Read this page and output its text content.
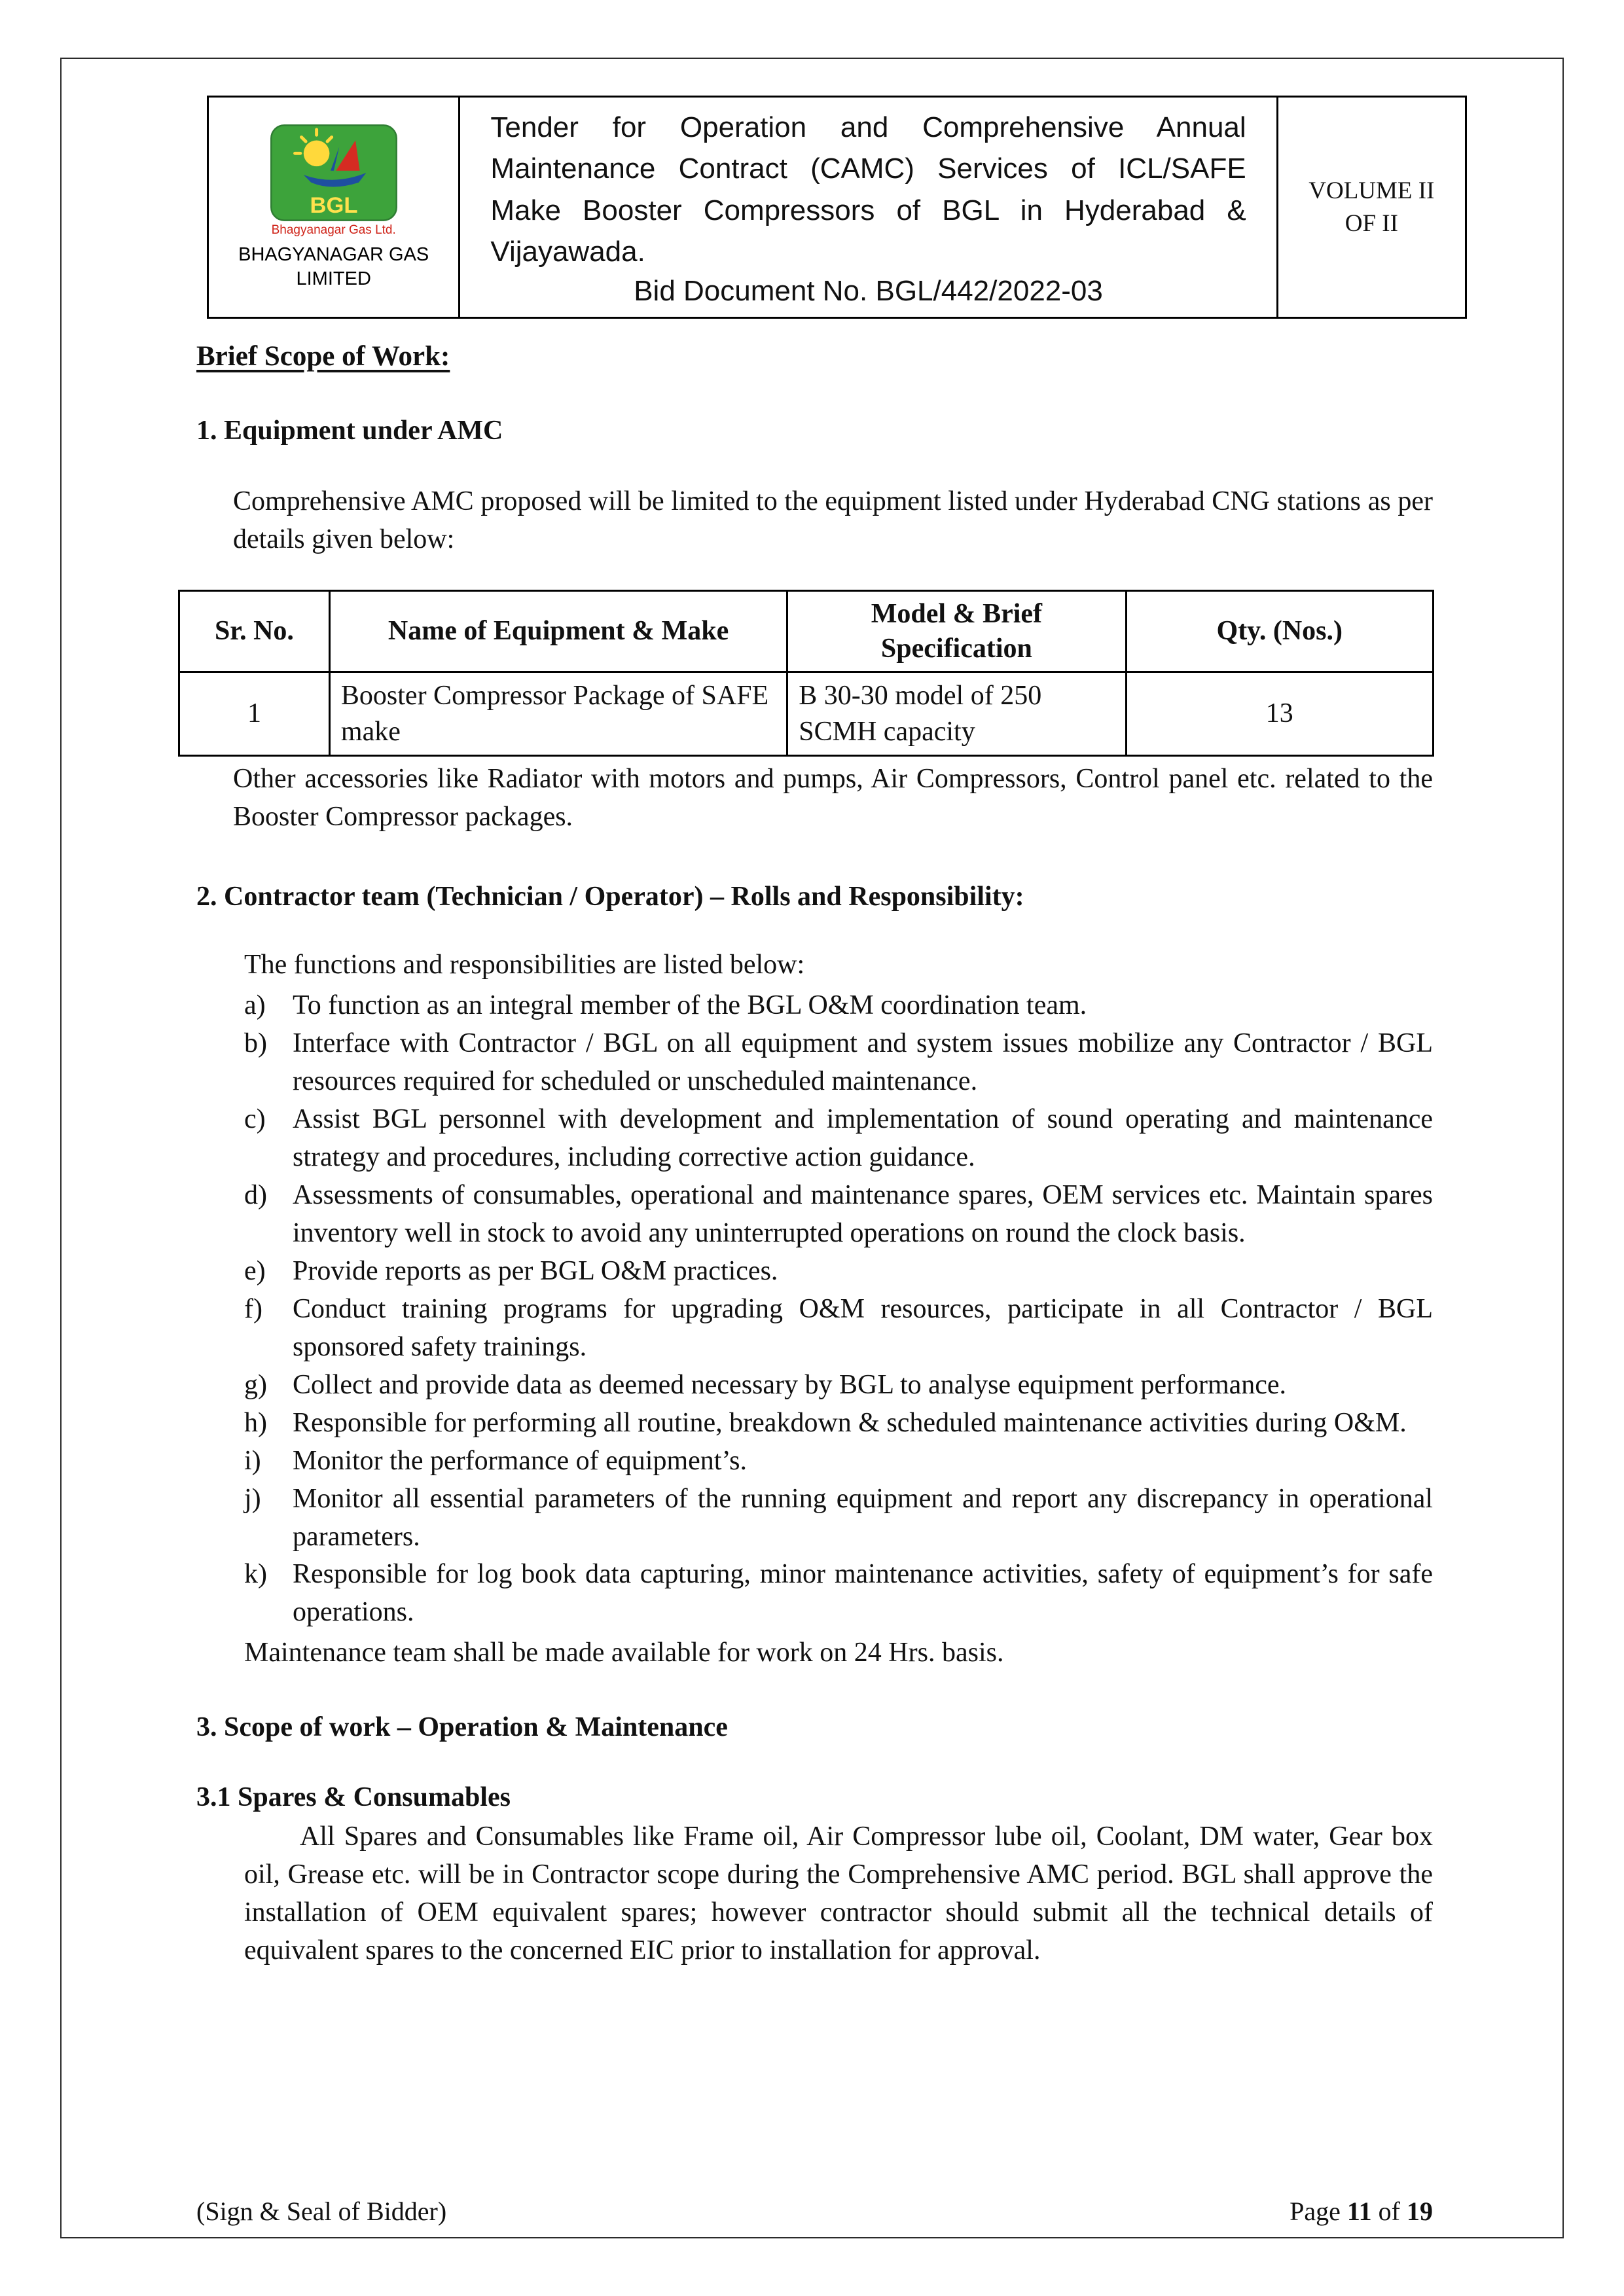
BGL
Bhagyanagar Gas Ltd.
BHAGYANAGAR GAS
LIMITED

Tender for Operation and Comprehensive Annual Maintenance Contract (CAMC) Services of ICL/SAFE Make Booster Compressors of BGL in Hyderabad & Vijayawada.
Bid Document No. BGL/442/2022-03

VOLUME II
OF II
Brief Scope of Work:
1. Equipment under AMC
Comprehensive AMC proposed will be limited to the equipment listed under Hyderabad CNG stations as per details given below:
Sr. No.	Name of Equipment & Make	Model & Brief Specification	Qty. (Nos.)
1	Booster Compressor Package of SAFE make	B 30-30 model of 250 SCMH capacity	13
Other accessories like Radiator with motors and pumps, Air Compressors, Control panel etc. related to the Booster Compressor packages.
2. Contractor team (Technician / Operator) – Rolls and Responsibility:
The functions and responsibilities are listed below:
a) To function as an integral member of the BGL O&M coordination team.
b) Interface with Contractor / BGL on all equipment and system issues mobilize any Contractor / BGL resources required for scheduled or unscheduled maintenance.
c) Assist BGL personnel with development and implementation of sound operating and maintenance strategy and procedures, including corrective action guidance.
d) Assessments of consumables, operational and maintenance spares, OEM services etc. Maintain spares inventory well in stock to avoid any uninterrupted operations on round the clock basis.
e) Provide reports as per BGL O&M practices.
f)	Conduct training programs for upgrading O&M resources, participate in all Contractor / BGL sponsored safety trainings.
g) Collect and provide data as deemed necessary by BGL to analyse equipment performance.
h) Responsible for performing all routine, breakdown & scheduled maintenance activities during O&M.
i)	Monitor the performance of equipment’s.
j)	Monitor all essential parameters of the running equipment and report any discrepancy in operational parameters.
k) Responsible for log book data capturing, minor maintenance activities, safety of equipment’s for safe operations.
Maintenance team shall be made available for work on 24 Hrs. basis.
3. Scope of work – Operation & Maintenance
3.1 Spares & Consumables
All Spares and Consumables like Frame oil, Air Compressor lube oil, Coolant, DM water, Gear box oil, Grease etc. will be in Contractor scope during the Comprehensive AMC period. BGL shall approve the installation of OEM equivalent spares; however contractor should submit all the technical details of equivalent spares to the concerned EIC prior to installation for approval.
(Sign & Seal of Bidder)	Page 11 of 19
